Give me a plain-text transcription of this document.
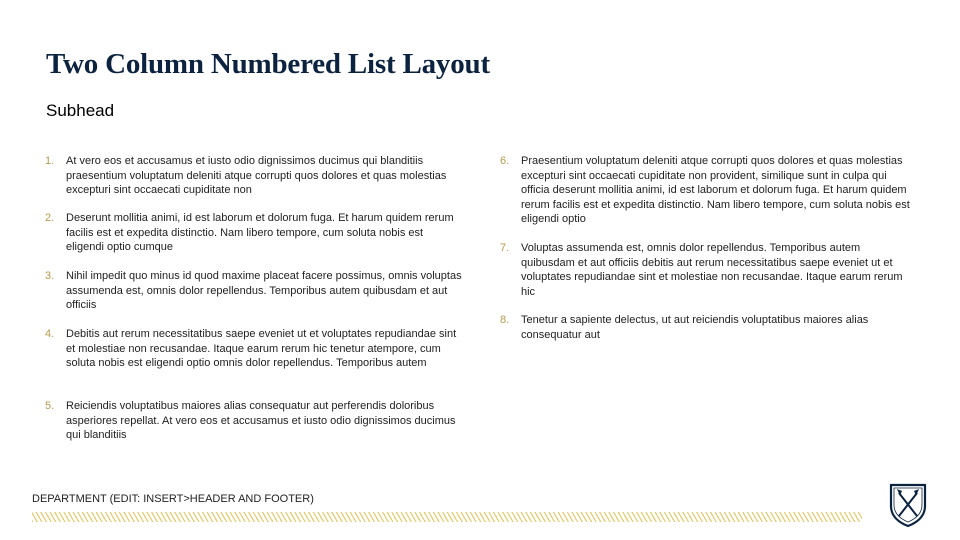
Two Column Numbered List Layout
Subhead
1. At vero eos et accusamus et iusto odio dignissimos ducimus qui blanditiis praesentium voluptatum deleniti atque corrupti quos dolores et quas molestias excepturi sint occaecati cupiditate non
2. Deserunt mollitia animi, id est laborum et dolorum fuga. Et harum quidem rerum facilis est et expedita distinctio. Nam libero tempore, cum soluta nobis est eligendi optio cumque
3. Nihil impedit quo minus id quod maxime placeat facere possimus, omnis voluptas assumenda est, omnis dolor repellendus. Temporibus autem quibusdam et aut officiis
4. Debitis aut rerum necessitatibus saepe eveniet ut et voluptates repudiandae sint et molestiae non recusandae. Itaque earum rerum hic tenetur atempore, cum soluta nobis est eligendi optio omnis dolor repellendus. Temporibus autem
5. Reiciendis voluptatibus maiores alias consequatur aut perferendis doloribus asperiores repellat. At vero eos et accusamus et iusto odio dignissimos ducimus qui blanditiis
6. Praesentium voluptatum deleniti atque corrupti quos dolores et quas molestias excepturi sint occaecati cupiditate non provident, similique sunt in culpa qui officia deserunt mollitia animi, id est laborum et dolorum fuga. Et harum quidem rerum facilis est et expedita distinctio. Nam libero tempore, cum soluta nobis est eligendi optio
7. Voluptas assumenda est, omnis dolor repellendus. Temporibus autem quibusdam et aut officiis debitis aut rerum necessitatibus saepe eveniet ut et voluptates repudiandae sint et molestiae non recusandae. Itaque earum rerum hic
8. Tenetur a sapiente delectus, ut aut reiciendis voluptatibus maiores alias consequatur aut
DEPARTMENT (EDIT: INSERT>HEADER AND FOOTER)
